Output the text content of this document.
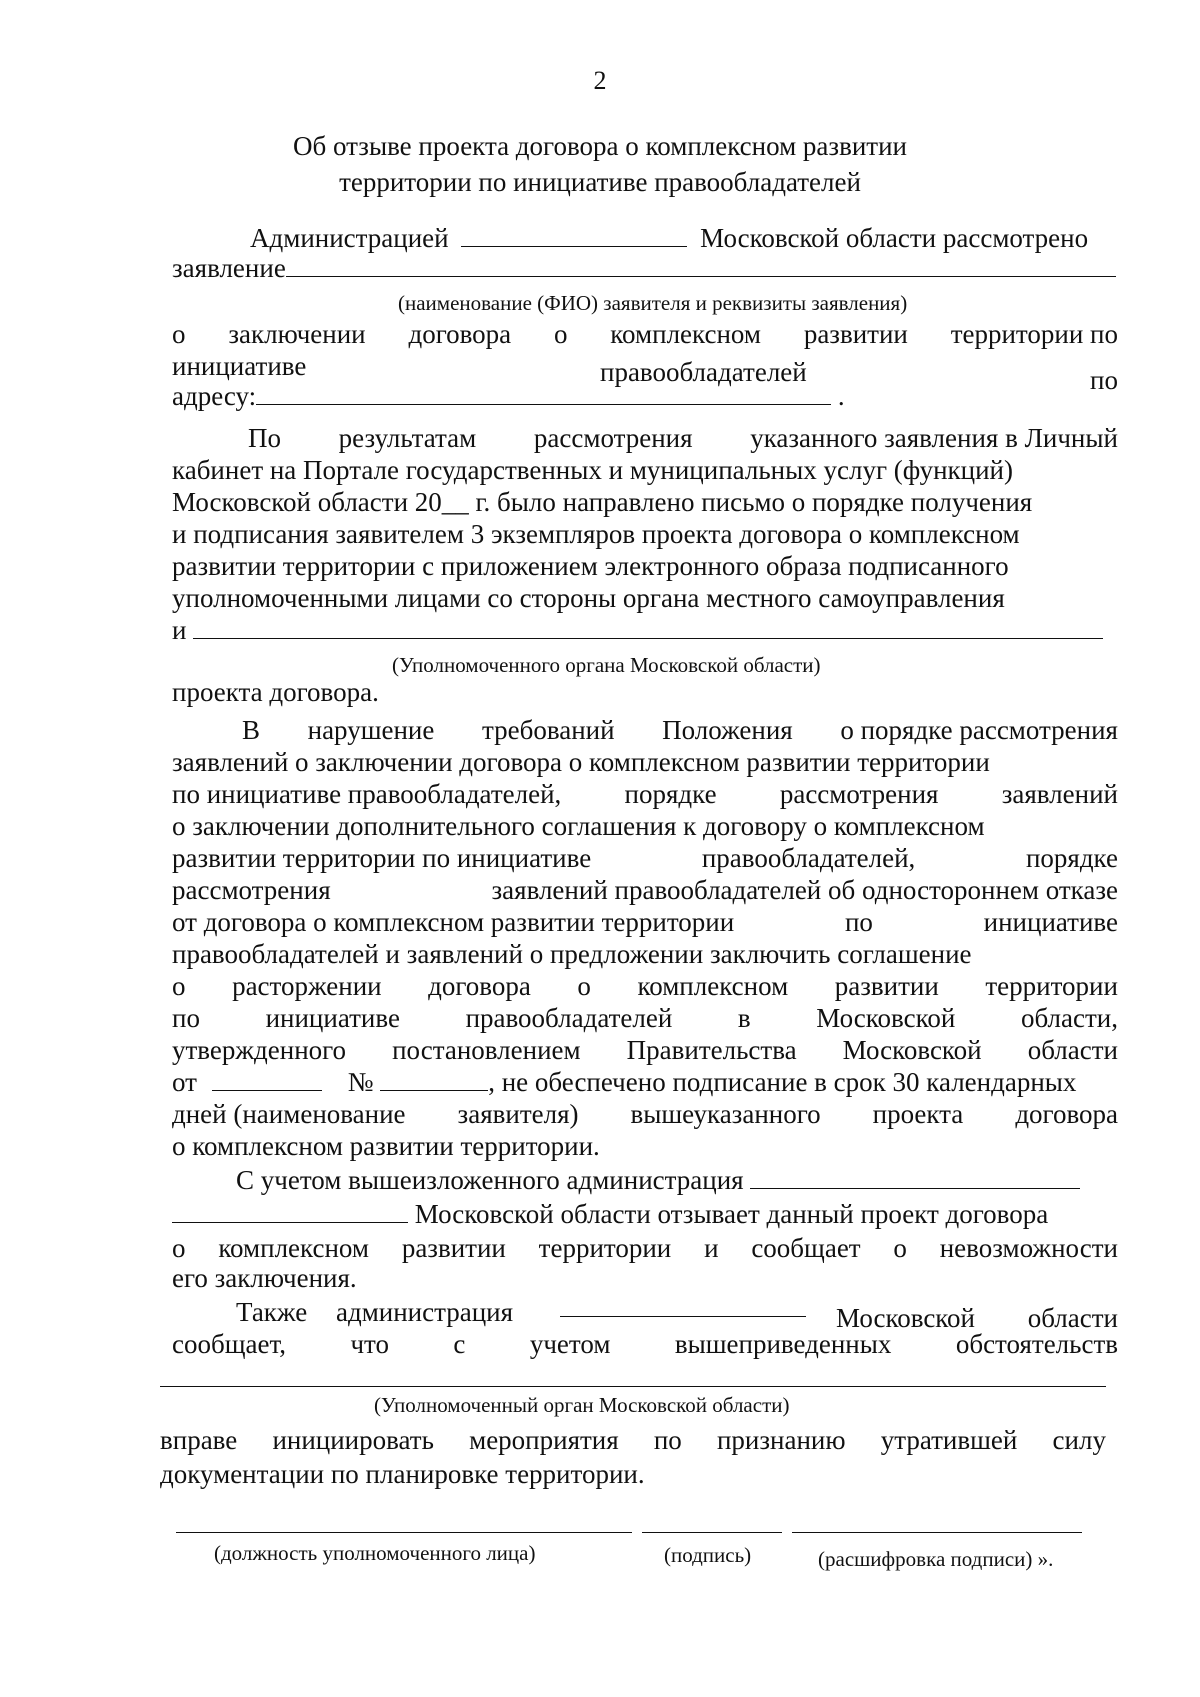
2
Об отзыве проекта договора о комплексном развитии
территории по инициативе правообладателей
Администрацией	Московской области рассмотрено
заявление
(наименование (ФИО) заявителя и реквизиты заявления)
о заключении договора о комплексном развитии территории по
инициативе	правообладателей	по
адресу:	.
По результатам рассмотрения указанного заявления в Личный
кабинет на Портале государственных и муниципальных услуг (функций)
Московской области 20__ г. было направлено письмо о порядке получения
и подписания заявителем 3 экземпляров проекта договора о комплексном
развитии территории с приложением электронного образа подписанного
уполномоченными лицами со стороны органа местного самоуправления
и
(Уполномоченного органа Московской области)
проекта договора.
В нарушение требований Положения о порядке рассмотрения
заявлений о заключении договора о комплексном развитии территории
по инициативе правообладателей, порядке рассмотрения заявлений
о заключении дополнительного соглашения к договору о комплексном
развитии территории по инициативе	правообладателей,	порядке
рассмотрения	заявлений правообладателей об одностороннем отказе
от договора о комплексном развитии территории	по	инициативе
правообладателей и заявлений о предложении заключить соглашение
о расторжении договора о комплексном развитии территории
по инициативе правообладателей в Московской области,
утвержденного постановлением Правительства Московской области
от	№	, не обеспечено подписание в срок 30 календарных
дней (наименование заявителя) вышеуказанного проекта договора
о комплексном развитии территории.
С учетом вышеизложенного администрация
Московской области отзывает данный проект договора
о комплексном развитии территории и сообщает о невозможности
его заключения.
Также администрация	Московской области
сообщает, что с учетом вышеприведенных обстоятельств
(Уполномоченный орган Московской области)
вправе инициировать мероприятия по признанию утратившей силу
документации по планировке территории.
(должность уполномоченного лица)	(подпись)	(расшифровка подписи) ».
